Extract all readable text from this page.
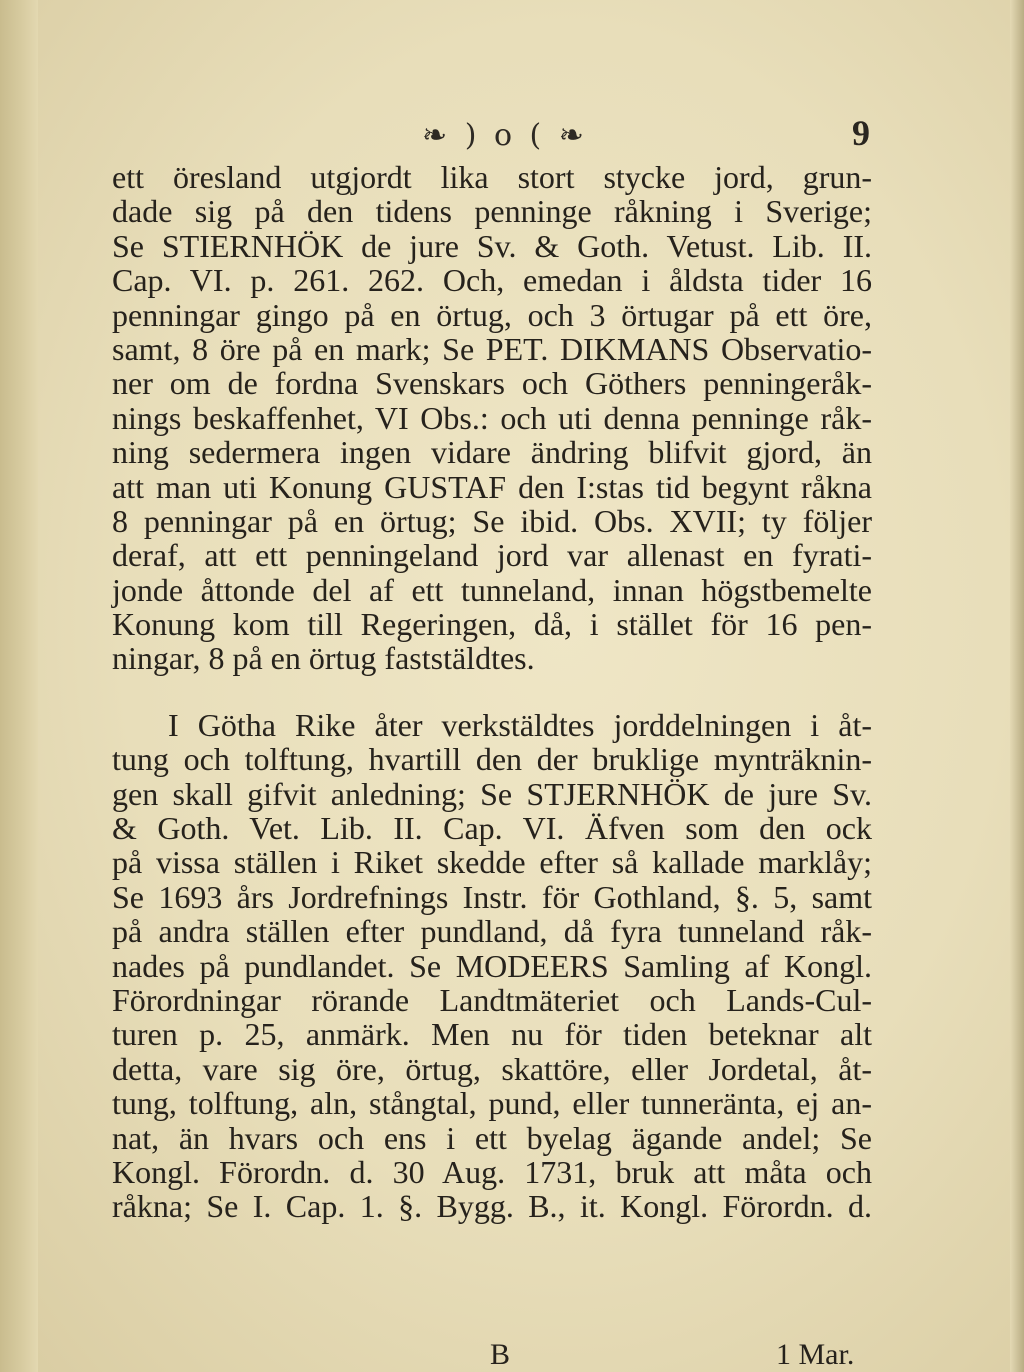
❧ ) o ( ❧	9
ett öresland utgjordt lika stort stycke jord, grun-
dade sig på den tidens penninge råkning i Sverige;
Se STIERNHÖK de jure Sv. & Goth. Vetust. Lib. II.
Cap. VI. p. 261. 262. Och, emedan i åldsta tider 16
penningar gingo på en örtug, och 3 örtugar på ett öre,
samt, 8 öre på en mark; Se PET. DIKMANS Observatio-
ner om de fordna Svenskars och Göthers penningeråk-
nings beskaffenhet, VI Obs.: och uti denna penninge råk-
ning sedermera ingen vidare ändring blifvit gjord, än
att man uti Konung GUSTAF den I:stas tid begynt råkna
8 penningar på en örtug; Se ibid. Obs. XVII; ty följer
deraf, att ett penningeland jord var allenast en fyrati-
jonde åttonde del af ett tunneland, innan högstbemelte
Konung kom till Regeringen, då, i stället för 16 pen-
ningar, 8 på en örtug faststäldtes.
I Götha Rike åter verkstäldtes jorddelningen i åt-
tung och tolftung, hvartill den der bruklige mynträknin-
gen skall gifvit anledning; Se STJERNHÖK de jure Sv.
& Goth. Vet. Lib. II. Cap. VI. Äfven som den ock
på vissa ställen i Riket skedde efter så kallade marklåy;
Se 1693 års Jordrefnings Instr. för Gothland, §. 5, samt
på andra ställen efter pundland, då fyra tunneland råk-
nades på pundlandet. Se MODEERS Samling af Kongl.
Förordningar rörande Landtmäteriet och Lands-Cul-
turen p. 25, anmärk. Men nu för tiden beteknar alt
detta, vare sig öre, örtug, skattöre, eller Jordetal, åt-
tung, tolftung, aln, stångtal, pund, eller tunneränta, ej an-
nat, än hvars och ens i ett byelag ägande andel; Se
Kongl. Förordn. d. 30 Aug. 1731, bruk att måta och
råkna; Se I. Cap. 1. §. Bygg. B., it. Kongl. Förordn. d.
B	1 Mar.
